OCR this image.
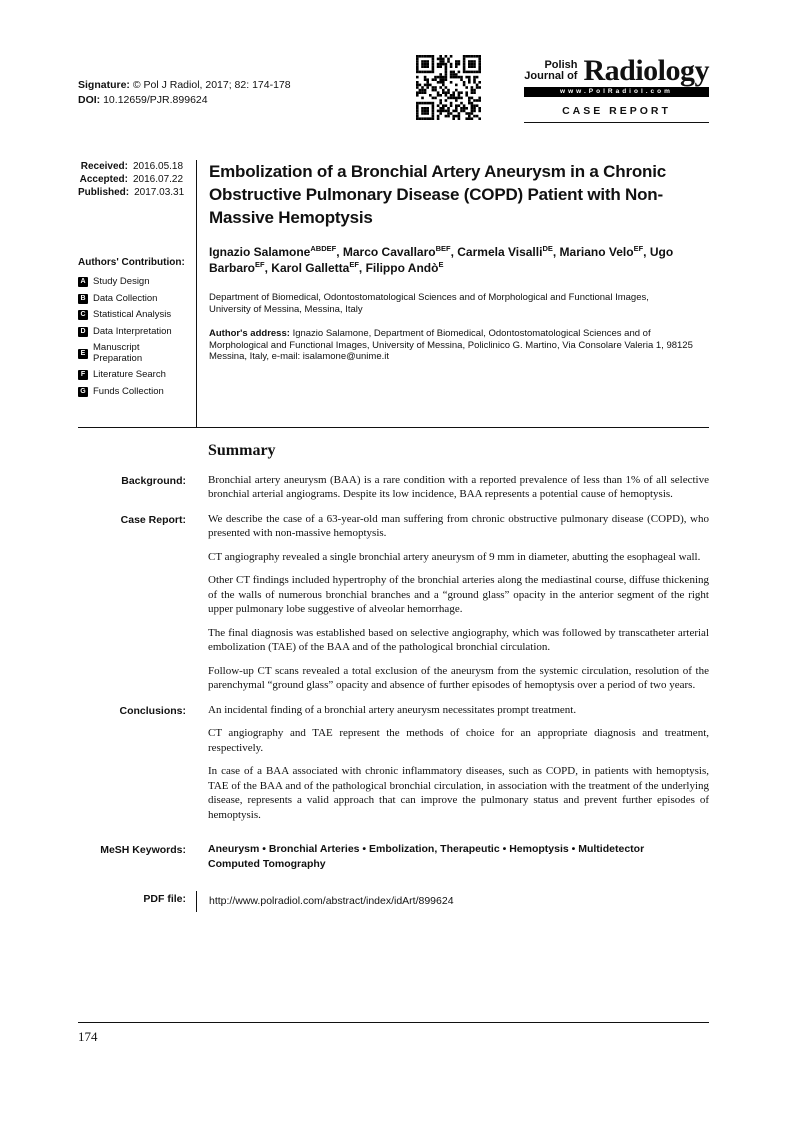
Signature: © Pol J Radiol, 2017; 82: 174-178
DOI: 10.12659/PJR.899624
Polish
Journal of Radiology
www.PolRadiol.com
CASE REPORT
Received: 2016.05.18
Accepted: 2016.07.22
Published: 2017.03.31
Authors' Contribution:
A Study Design
B Data Collection
C Statistical Analysis
D Data Interpretation
E Manuscript Preparation
F Literature Search
G Funds Collection
Embolization of a Bronchial Artery Aneurysm in a Chronic Obstructive Pulmonary Disease (COPD) Patient with Non-Massive Hemoptysis
Ignazio Salamone$^{ABDEF}$, Marco Cavallaro$^{BEF}$, Carmela Visalli$^{DE}$, Mariano Velo$^{EF}$, Ugo Barbaro$^{EF}$, Karol Galletta$^{EF}$, Filippo Andò$^E$
Department of Biomedical, Odontostomatological Sciences and of Morphological and Functional Images, University of Messina, Messina, Italy
Author's address: Ignazio Salamone, Department of Biomedical, Odontostomatological Sciences and of Morphological and Functional Images, University of Messina, Policlinico G. Martino, Via Consolare Valeria 1, 98125 Messina, Italy, e-mail: isalamone@unime.it
Summary
Background:	Bronchial artery aneurysm (BAA) is a rare condition with a reported prevalence of less than 1% of all selective bronchial arterial angiograms. Despite its low incidence, BAA represents a potential cause of hemoptysis.

Case Report:	We describe the case of a 63-year-old man suffering from chronic obstructive pulmonary disease (COPD), who presented with non-massive hemoptysis.

CT angiography revealed a single bronchial artery aneurysm of 9 mm in diameter, abutting the esophageal wall.

Other CT findings included hypertrophy of the bronchial arteries along the mediastinal course, diffuse thickening of the walls of numerous bronchial branches and a “ground glass” opacity in the anterior segment of the right upper pulmonary lobe suggestive of alveolar hemorrhage.

The final diagnosis was established based on selective angiography, which was followed by transcatheter arterial embolization (TAE) of the BAA and of the pathological bronchial circulation.

Follow-up CT scans revealed a total exclusion of the aneurysm from the systemic circulation, resolution of the parenchymal “ground glass” opacity and absence of further episodes of hemoptysis over a period of two years.

Conclusions:	An incidental finding of a bronchial artery aneurysm necessitates prompt treatment.

CT angiography and TAE represent the methods of choice for an appropriate diagnosis and treatment, respectively.

In case of a BAA associated with chronic inflammatory diseases, such as COPD, in patients with hemoptysis, TAE of the BAA and of the pathological bronchial circulation, in association with the treatment of the underlying disease, represents a valid approach that can improve the pulmonary status and prevent further episodes of hemoptysis.

MeSH Keywords:	Aneurysm • Bronchial Arteries • Embolization, Therapeutic • Hemoptysis • Multidetector Computed Tomography
PDF file:	http://www.polradiol.com/abstract/index/idArt/899624
174
